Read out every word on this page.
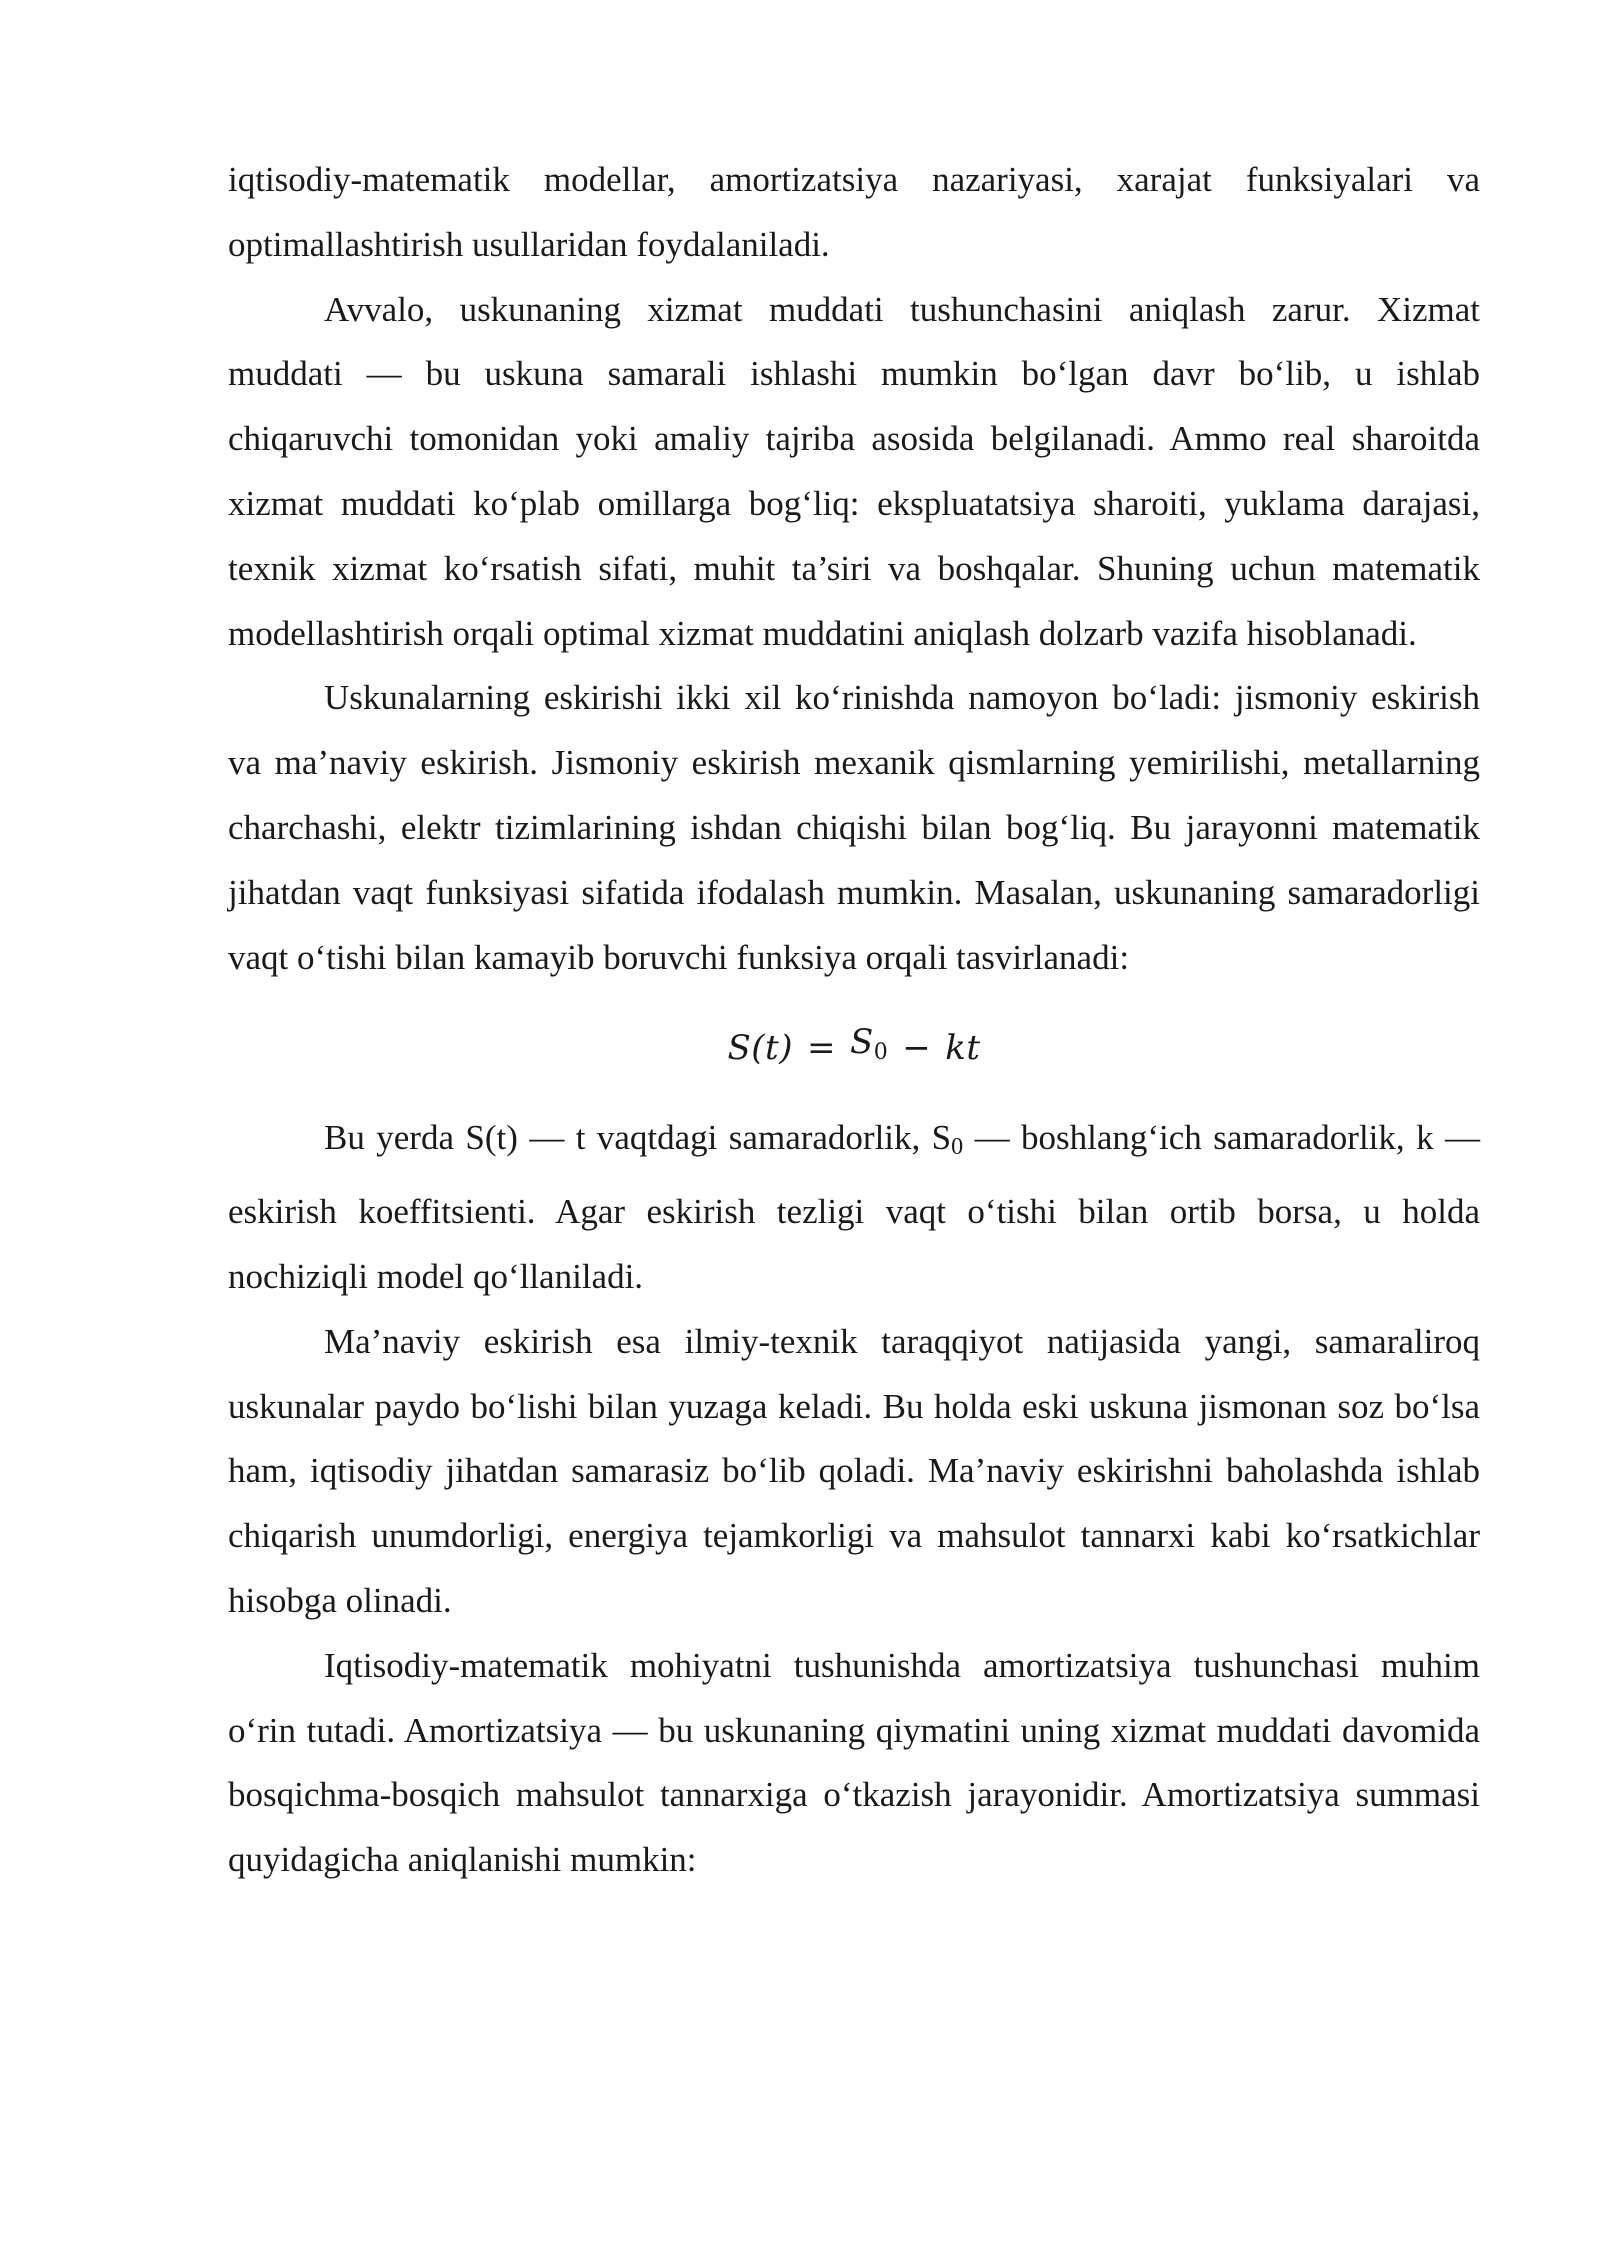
iqtisodiy-matematik modellar, amortizatsiya nazariyasi, xarajat funksiyalari va optimallashtirish usullaridan foydalaniladi.

Avvalo, uskunaning xizmat muddati tushunchasini aniqlash zarur. Xizmat muddati — bu uskuna samarali ishlashi mumkin bo‘lgan davr bo‘lib, u ishlab chiqaruvchi tomonidan yoki amaliy tajriba asosida belgilanadi. Ammo real sharoitda xizmat muddati ko‘plab omillarga bog‘liq: ekspluatatsiya sharoiti, yuklama darajasi, texnik xizmat ko‘rsatish sifati, muhit ta’siri va boshqalar. Shuning uchun matematik modellashtirish orqali optimal xizmat muddatini aniqlash dolzarb vazifa hisoblanadi.

Uskunalarning eskirishi ikki xil ko‘rinishda namoyon bo‘ladi: jismoniy eskirish va ma’naviy eskirish. Jismoniy eskirish mexanik qismlarning yemirilishi, metallarning charchashi, elektr tizimlarining ishdan chiqishi bilan bog‘liq. Bu jarayonni matematik jihatdan vaqt funksiyasi sifatida ifodalash mumkin. Masalan, uskunaning samaradorligi vaqt o‘tishi bilan kamayib boruvchi funksiya orqali tasvirlanadi:

$S(t) = S_0$ − kt

Bu yerda S(t) — t vaqtdagi samaradorlik, S0 — boshlang‘ich samaradorlik, k — eskirish koeffitsienti. Agar eskirish tezligi vaqt o‘tishi bilan ortib borsa, u holda nochiziqli model qo‘llaniladi.

Ma’naviy eskirish esa ilmiy-texnik taraqqiyot natijasida yangi, samaraliroq uskunalar paydo bo‘lishi bilan yuzaga keladi. Bu holda eski uskuna jismonan soz bo‘lsa ham, iqtisodiy jihatdan samarasiz bo‘lib qoladi. Ma’naviy eskirishni baholashda ishlab chiqarish unumdorligi, energiya tejamkorligi va mahsulot tannarxi kabi ko‘rsatkichlar hisobga olinadi.

Iqtisodiy-matematik mohiyatni tushunishda amortizatsiya tushunchasi muhim o‘rin tutadi. Amortizatsiya — bu uskunaning qiymatini uning xizmat muddati davomida bosqichma-bosqich mahsulot tannarxiga o‘tkazish jarayonidir. Amortizatsiya summasi quyidagicha aniqlanishi mumkin:
